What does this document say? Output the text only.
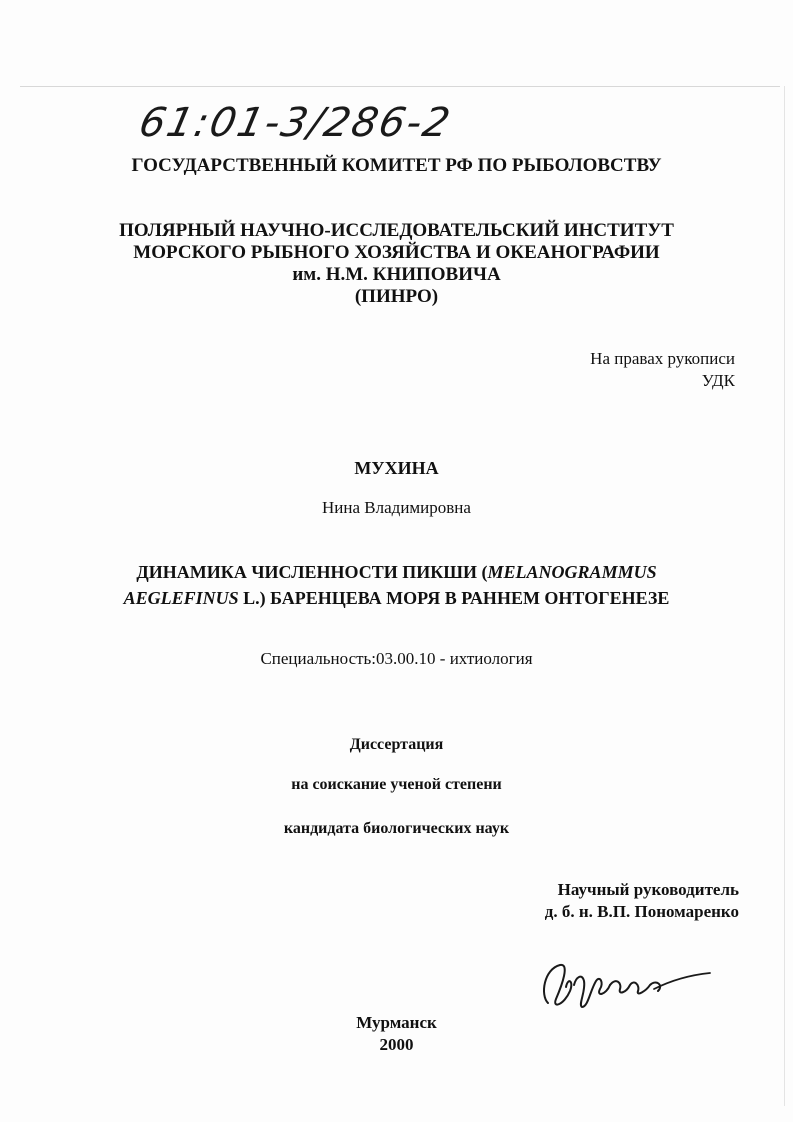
61:01-3/286-2
ГОСУДАРСТВЕННЫЙ КОМИТЕТ РФ ПО РЫБОЛОВСТВУ
ПОЛЯРНЫЙ НАУЧНО-ИССЛЕДОВАТЕЛЬСКИЙ ИНСТИТУТ
МОРСКОГО РЫБНОГО ХОЗЯЙСТВА И ОКЕАНОГРАФИИ
им. Н.М. КНИПОВИЧА
(ПИНРО)
На правах рукописи
УДК
МУХИНА
Нина Владимировна
ДИНАМИКА ЧИСЛЕННОСТИ ПИКШИ (MELANOGRAMMUS
AEGLEFINUS L.) БАРЕНЦЕВА МОРЯ В РАННЕМ ОНТОГЕНЕЗЕ
Специальность:03.00.10 - ихтиология
Диссертация
на соискание ученой степени
кандидата биологических наук
Научный руководитель
д. б. н. В.П. Пономаренко
Мурманск
2000
